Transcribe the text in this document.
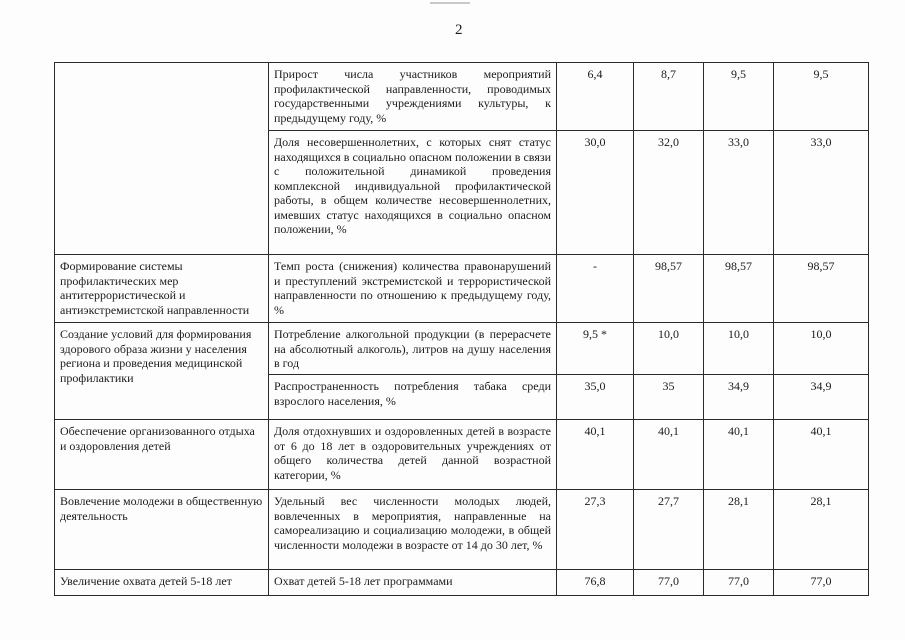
2
	Прирост числа участников мероприятий профилактической направленности, проводимых государственными учреждениями культуры, к предыдущему году, %	6,4	8,7	9,5	9,5
	Доля несовершеннолетних, с которых снят статус находящихся в социально опасном положении в связи с положительной динамикой проведения комплексной индивидуальной профилактической работы, в общем количестве несовершеннолетних, имевших статус находящихся в социально опасном положении, %	30,0	32,0	33,0	33,0
Формирование системы профилактических мер антитеррористической и антиэкстремистской направленности	Темп роста (снижения) количества правонарушений и преступлений экстремистской и террористической направленности по отношению к предыдущему году, %	-	98,57	98,57	98,57
Создание условий для формирования здорового образа жизни у населения региона и проведения медицинской профилактики	Потребление алкогольной продукции (в перерасчете на абсолютный алкоголь), литров на душу населения в год	9,5 *	10,0	10,0	10,0
	Распространенность потребления табака среди взрослого населения, %	35,0	35	34,9	34,9
Обеспечение организованного отдыха и оздоровления детей	Доля отдохнувших и оздоровленных детей в возрасте от 6 до 18 лет в оздоровительных учреждениях от общего количества детей данной возрастной категории, %	40,1	40,1	40,1	40,1
Вовлечение молодежи в общественную деятельность	Удельный вес численности молодых людей, вовлеченных в мероприятия, направленные на самореализацию и социализацию молодежи, в общей численности молодежи в возрасте от 14 до 30 лет, %	27,3	27,7	28,1	28,1
Увеличение охвата детей 5-18 лет	Охват детей 5-18 лет программами	76,8	77,0	77,0	77,0
